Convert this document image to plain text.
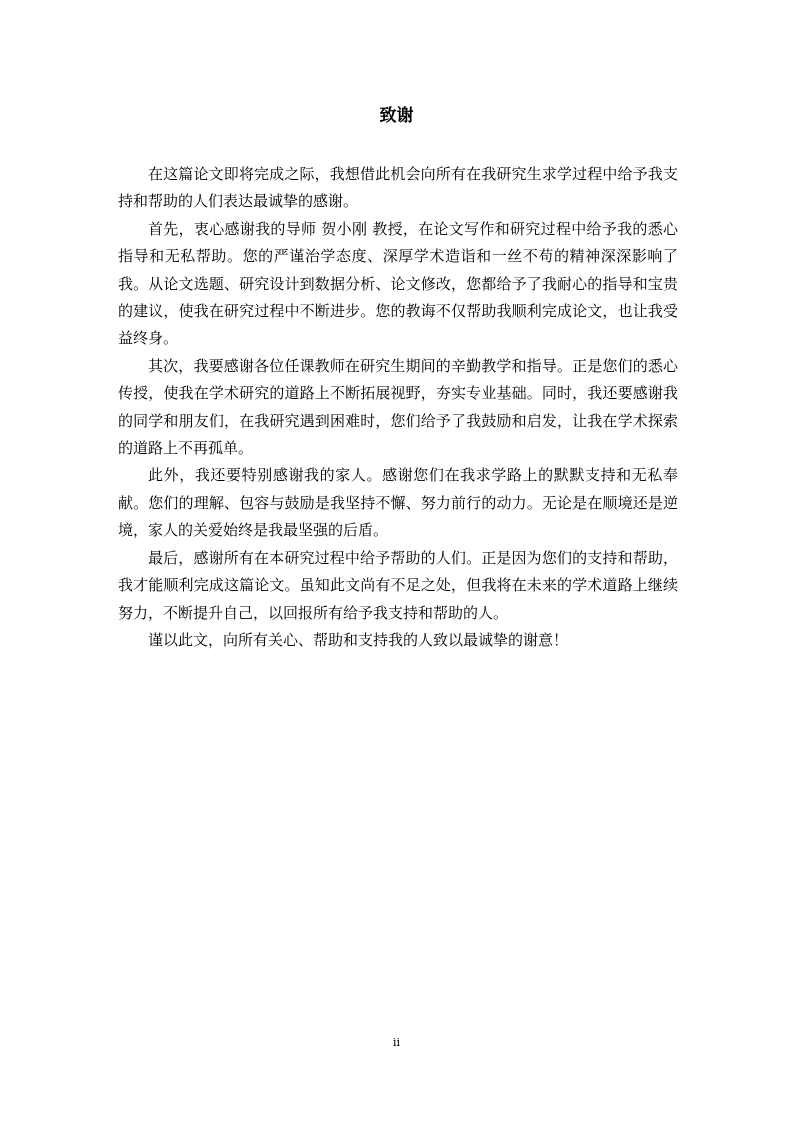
致谢

在这篇论文即将完成之际，我想借此机会向所有在我研究生求学过程中给予我支持和帮助的人们表达最诚挚的感谢。

首先，衷心感谢我的导师 贺小刚 教授，在论文写作和研究过程中给予我的悉心指导和无私帮助。您的严谨治学态度、深厚学术造诣和一丝不苟的精神深深影响了我。从论文选题、研究设计到数据分析、论文修改，您都给予了我耐心的指导和宝贵的建议，使我在研究过程中不断进步。您的教诲不仅帮助我顺利完成论文，也让我受益终身。

其次，我要感谢各位任课教师在研究生期间的辛勤教学和指导。正是您们的悉心传授，使我在学术研究的道路上不断拓展视野，夯实专业基础。同时，我还要感谢我的同学和朋友们，在我研究遇到困难时，您们给予了我鼓励和启发，让我在学术探索的道路上不再孤单。

此外，我还要特别感谢我的家人。感谢您们在我求学路上的默默支持和无私奉献。您们的理解、包容与鼓励是我坚持不懈、努力前行的动力。无论是在顺境还是逆境，家人的关爱始终是我最坚强的后盾。

最后，感谢所有在本研究过程中给予帮助的人们。正是因为您们的支持和帮助，我才能顺利完成这篇论文。虽知此文尚有不足之处，但我将在未来的学术道路上继续努力，不断提升自己，以回报所有给予我支持和帮助的人。

谨以此文，向所有关心、帮助和支持我的人致以最诚挚的谢意！

ii
